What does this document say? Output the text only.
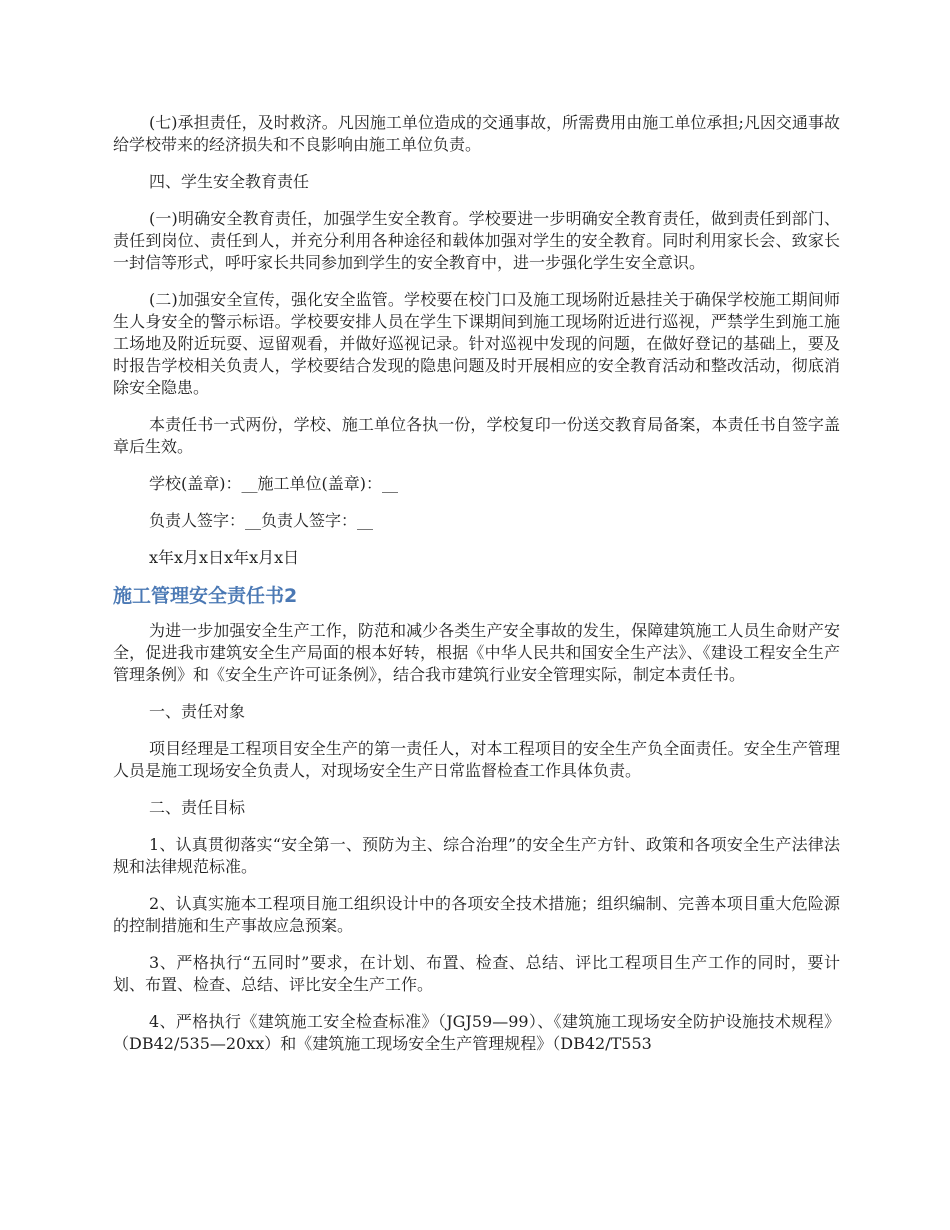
(七)承担责任，及时救济。凡因施工单位造成的交通事故，所需费用由施工单位承担;凡因交通事故给学校带来的经济损失和不良影响由施工单位负责。

四、学生安全教育责任

(一)明确安全教育责任，加强学生安全教育。学校要进一步明确安全教育责任，做到责任到部门、责任到岗位、责任到人，并充分利用各种途径和载体加强对学生的安全教育。同时利用家长会、致家长一封信等形式，呼吁家长共同参加到学生的安全教育中，进一步强化学生安全意识。

(二)加强安全宣传，强化安全监管。学校要在校门口及施工现场附近悬挂关于确保学校施工期间师生人身安全的警示标语。学校要安排人员在学生下课期间到施工现场附近进行巡视，严禁学生到施工施工场地及附近玩耍、逗留观看，并做好巡视记录。针对巡视中发现的问题，在做好登记的基础上，要及时报告学校相关负责人，学校要结合发现的隐患问题及时开展相应的安全教育活动和整改活动，彻底消除安全隐患。

本责任书一式两份，学校、施工单位各执一份，学校复印一份送交教育局备案，本责任书自签字盖章后生效。

学校(盖章)：__施工单位(盖章)：__

负责人签字：__负责人签字：__

x年x月x日x年x月x日

施工管理安全责任书2

为进一步加强安全生产工作，防范和减少各类生产安全事故的发生，保障建筑施工人员生命财产安全，促进我市建筑安全生产局面的根本好转，根据《中华人民共和国安全生产法》、《建设工程安全生产管理条例》和《安全生产许可证条例》，结合我市建筑行业安全管理实际，制定本责任书。

一、责任对象

项目经理是工程项目安全生产的第一责任人，对本工程项目的安全生产负全面责任。安全生产管理人员是施工现场安全负责人，对现场安全生产日常监督检查工作具体负责。

二、责任目标

1、认真贯彻落实“安全第一、预防为主、综合治理”的安全生产方针、政策和各项安全生产法律法规和法律规范标准。

2、认真实施本工程项目施工组织设计中的各项安全技术措施；组织编制、完善本项目重大危险源的控制措施和生产事故应急预案。

3、严格执行“五同时”要求，在计划、布置、检查、总结、评比工程项目生产工作的同时，要计划、布置、检查、总结、评比安全生产工作。

4、严格执行《建筑施工安全检查标准》（JGJ59—99）、《建筑施工现场安全防护设施技术规程》（DB42/535—20xx）和《建筑施工现场安全生产管理规程》（DB42/T553
